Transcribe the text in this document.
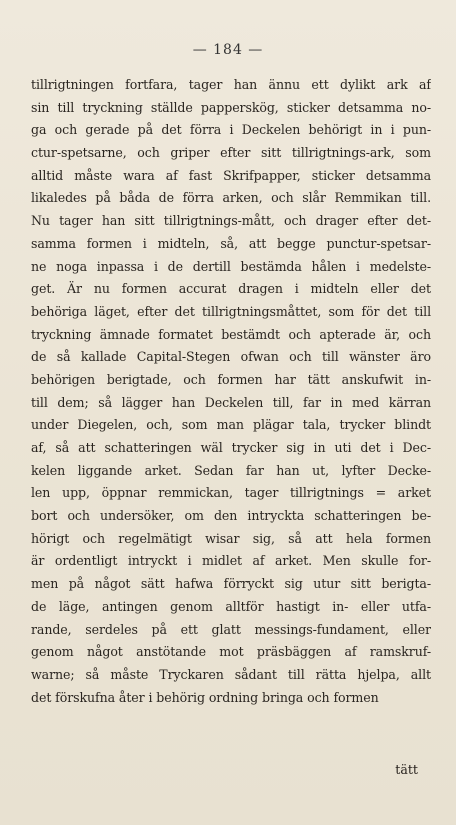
— 184 —
tillrigtningen fortfara, tager han ännu ett dylikt ark af
sin till tryckning ställde papperskög, sticker detsamma no-
ga och gerade på det förra i Deckelen behörigt in i pun-
ctur-spetsarne, och griper efter sitt tillrigtnings-ark, som
alltid måste wara af fast Skrifpapper, sticker detsamma
likaledes på båda de förra arken, och slår Remmikan till.
Nu tager han sitt tillrigtnings-mått, och drager efter det-
samma formen i midteln, så, att begge punctur-spetsar-
ne noga inpassa i de dertill bestämda hålen i medelste-
get. Är nu formen accurat dragen i midteln eller det
behöriga läget, efter det tillrigtningsmåttet, som för det till
tryckning ämnade formatet bestämdt och apterade är, och
de så kallade Capital-Stegen ofwan och till wänster äro
behörigen berigtade, och formen har tätt anskufwit in-
till dem; så lägger han Deckelen till, far in med kärran
under Diegelen, och, som man plägar tala, trycker blindt
af, så att schatteringen wäl trycker sig in uti det i Dec-
kelen liggande arket. Sedan far han ut, lyfter Decke-
len upp, öppnar remmickan, tager tillrigtnings = arket
bort och undersöker, om den intryckta schatteringen be-
hörigt och regelmätigt wisar sig, så att hela formen
är ordentligt intryckt i midlet af arket. Men skulle for-
men på något sätt hafwa förryckt sig utur sitt berigta-
de läge, antingen genom alltför hastigt in- eller utfa-
rande, serdeles på ett glatt messings-fundament, eller
genom något anstötande mot präsbäggen af ramskruf-
warne; så måste Tryckaren sådant till rätta hjelpa, allt
det förskufna åter i behörig ordning bringa och formen
tätt
